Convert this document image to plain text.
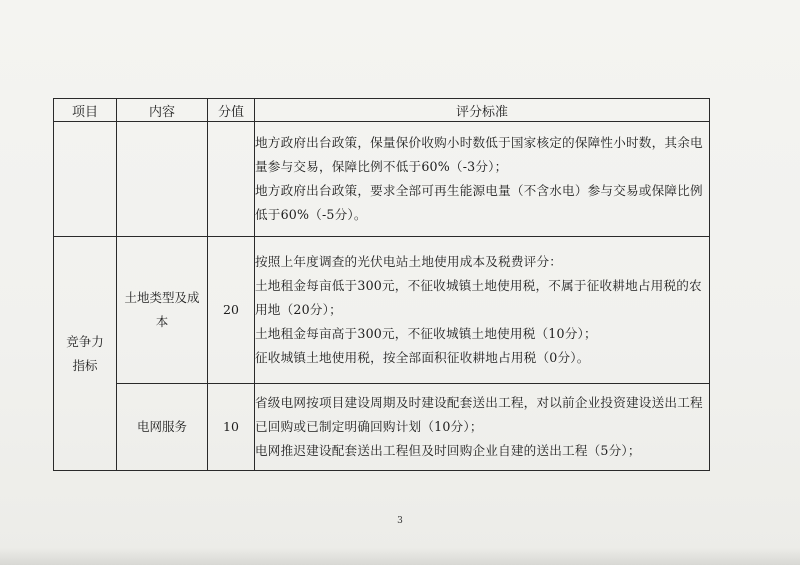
项目	内容	分值	评分标准

			地方政府出台政策，保量保价收购小时数低于国家核定的保障性小时数，其余电量参与交易，保障比例不低于60%（-3分）；
地方政府出台政策，要求全部可再生能源电量（不含水电）参与交易或保障比例低于60%（-5分）。

竞争力指标	土地类型及成本	20	按照上年度调查的光伏电站土地使用成本及税费评分：
土地租金每亩低于300元，不征收城镇土地使用税，不属于征收耕地占用税的农用地（20分）；
土地租金每亩高于300元，不征收城镇土地使用税（10分）；
征收城镇土地使用税，按全部面积征收耕地占用税（0分）。

	电网服务	10	省级电网按项目建设周期及时建设配套送出工程，对以前企业投资建设送出工程已回购或已制定明确回购计划（10分）；
电网推迟建设配套送出工程但及时回购企业自建的送出工程（5分）；
3
